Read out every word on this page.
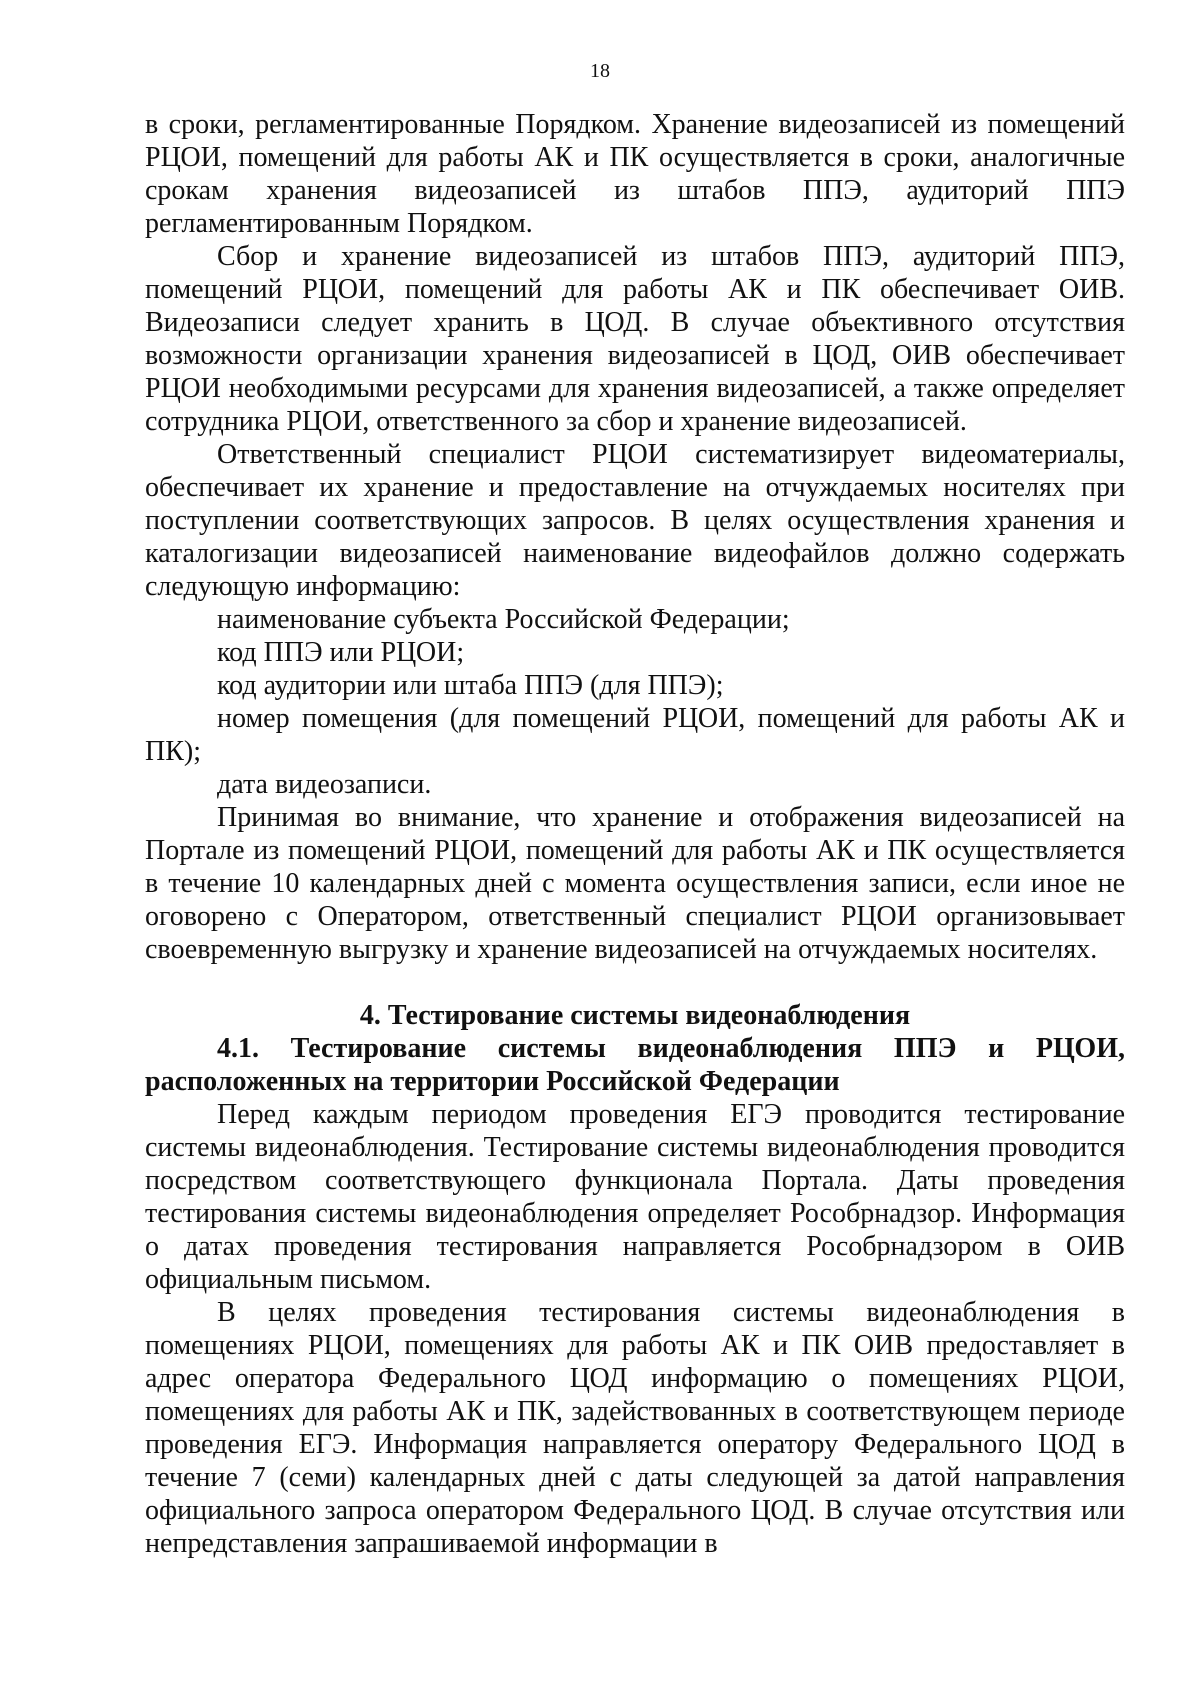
18

в сроки, регламентированные Порядком. Хранение видеозаписей из помещений РЦОИ, помещений для работы АК и ПК осуществляется в сроки, аналогичные срокам хранения видеозаписей из штабов ППЭ, аудиторий ППЭ регламентированным Порядком.

Сбор и хранение видеозаписей из штабов ППЭ, аудиторий ППЭ, помещений РЦОИ, помещений для работы АК и ПК обеспечивает ОИВ. Видеозаписи следует хранить в ЦОД. В случае объективного отсутствия возможности организации хранения видеозаписей в ЦОД, ОИВ обеспечивает РЦОИ необходимыми ресурсами для хранения видеозаписей, а также определяет сотрудника РЦОИ, ответственного за сбор и хранение видеозаписей.

Ответственный специалист РЦОИ систематизирует видеоматериалы, обеспечивает их хранение и предоставление на отчуждаемых носителях при поступлении соответствующих запросов. В целях осуществления хранения и каталогизации видеозаписей наименование видеофайлов должно содержать следующую информацию:

наименование субъекта Российской Федерации;

код ППЭ или РЦОИ;

код аудитории или штаба ППЭ (для ППЭ);

номер помещения (для помещений РЦОИ, помещений для работы АК и ПК);

дата видеозаписи.

Принимая во внимание, что хранение и отображения видеозаписей на Портале из помещений РЦОИ, помещений для работы АК и ПК осуществляется в течение 10 календарных дней с момента осуществления записи, если иное не оговорено с Оператором, ответственный специалист РЦОИ организовывает своевременную выгрузку и хранение видеозаписей на отчуждаемых носителях.

4. Тестирование системы видеонаблюдения
4.1. Тестирование системы видеонаблюдения ППЭ и РЦОИ, расположенных на территории Российской Федерации

Перед каждым периодом проведения ЕГЭ проводится тестирование системы видеонаблюдения. Тестирование системы видеонаблюдения проводится посредством соответствующего функционала Портала. Даты проведения тестирования системы видеонаблюдения определяет Рособрнадзор. Информация о датах проведения тестирования направляется Рособрнадзором в ОИВ официальным письмом.

В целях проведения тестирования системы видеонаблюдения в помещениях РЦОИ, помещениях для работы АК и ПК ОИВ предоставляет в адрес оператора Федерального ЦОД информацию о помещениях РЦОИ, помещениях для работы АК и ПК, задействованных в соответствующем периоде проведения ЕГЭ. Информация направляется оператору Федерального ЦОД в течение 7 (семи) календарных дней с даты следующей за датой направления официального запроса оператором Федерального ЦОД. В случае отсутствия или непредставления запрашиваемой информации в
